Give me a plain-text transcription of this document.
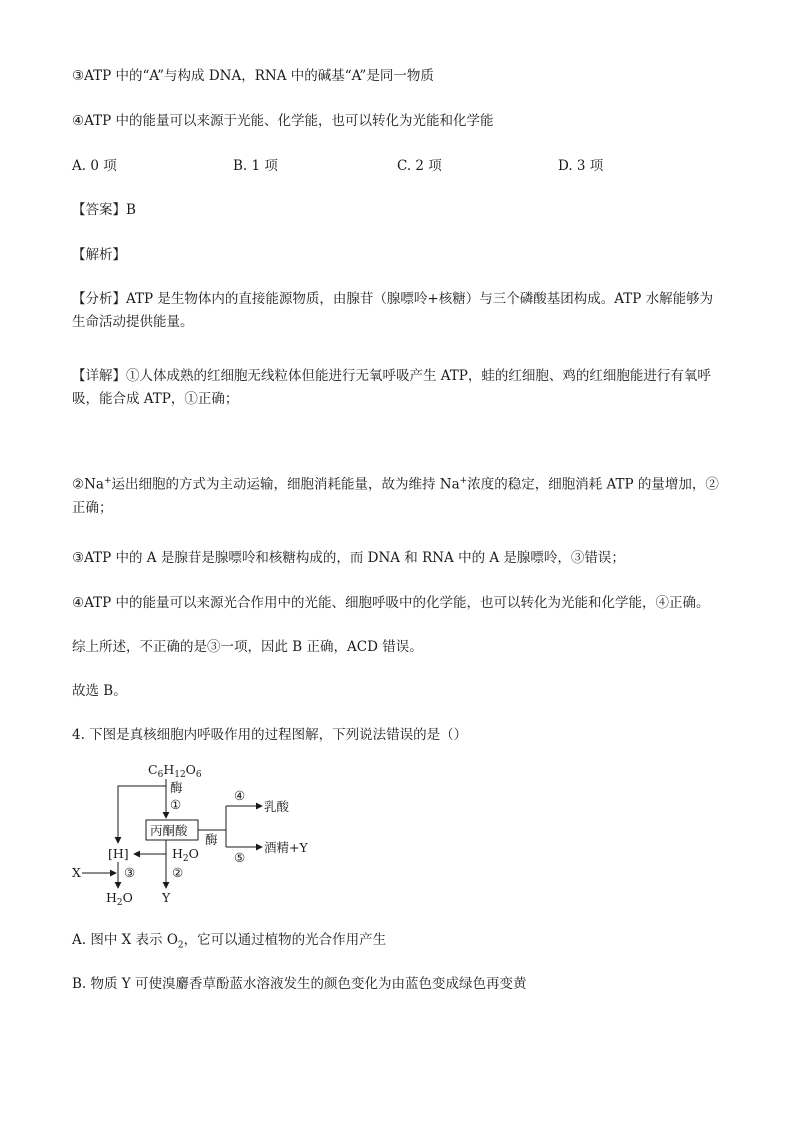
③ATP 中的“A”与构成 DNA，RNA 中的碱基“A”是同一物质
④ATP 中的能量可以来源于光能、化学能，也可以转化为光能和化学能
A. 0 项	B. 1 项	C. 2 项	D. 3 项
【答案】B
【解析】
【分析】ATP 是生物体内的直接能源物质，由腺苷（腺嘌呤+核糖）与三个磷酸基团构成。ATP 水解能够为生命活动提供能量。
【详解】①人体成熟的红细胞无线粒体但能进行无氧呼吸产生 ATP，蛙的红细胞、鸡的红细胞能进行有氧呼吸，能合成 ATP，①正确；
②Na+运出细胞的方式为主动运输，细胞消耗能量，故为维持 Na+浓度的稳定，细胞消耗 ATP 的量增加，②正确；
③ATP 中的 A 是腺苷是腺嘌呤和核糖构成的，而 DNA 和 RNA 中的 A 是腺嘌呤，③错误；
④ATP 中的能量可以来源光合作用中的光能、细胞呼吸中的化学能，也可以转化为光能和化学能，④正确。
综上所述，不正确的是③一项，因此 B 正确，ACD 错误。
故选 B。
4. 下图是真核细胞内呼吸作用的过程图解，下列说法错误的是（）
$C_6H_{12}O_6$
酶
①
丙酮酸
④
乳酸
酶
⑤
酒精+Y
[H]	$H_2O$
②
Y
X	③
$H_2O$
A. 图中 X 表示 $O_2$，它可以通过植物的光合作用产生
B. 物质 Y 可使溴麝香草酚蓝水溶液发生的颜色变化为由蓝色变成绿色再变黄
